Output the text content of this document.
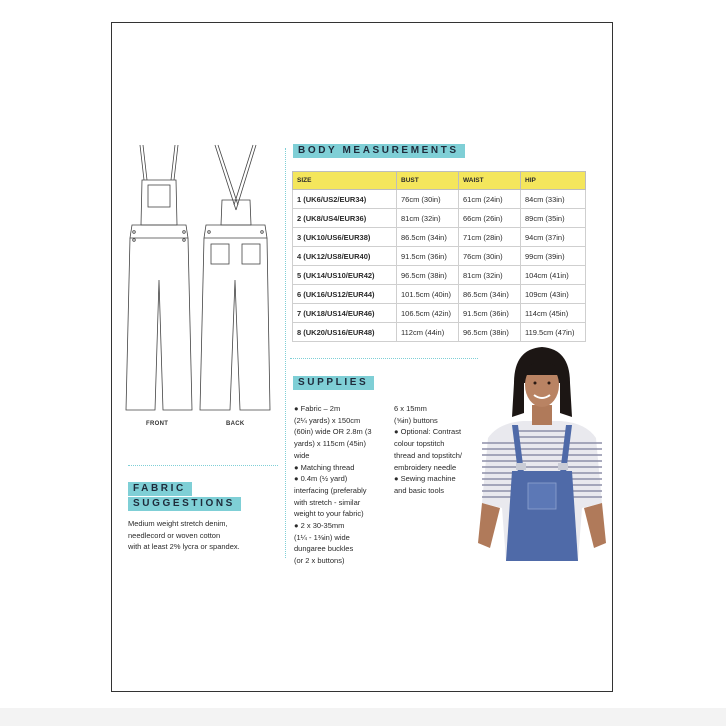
FRONT	BACK
BODY MEASUREMENTS
SIZE	BUST	WAIST	HIP
1 (UK6/US2/EUR34)	76cm (30in)	61cm (24in)	84cm (33in)
2 (UK8/US4/EUR36)	81cm (32in)	66cm (26in)	89cm (35in)
3 (UK10/US6/EUR38)	86.5cm (34in)	71cm (28in)	94cm (37in)
4 (UK12/US8/EUR40)	91.5cm (36in)	76cm (30in)	99cm (39in)
5 (UK14/US10/EUR42)	96.5cm (38in)	81cm (32in)	104cm (41in)
6 (UK16/US12/EUR44)	101.5cm (40in)	86.5cm (34in)	109cm (43in)
7 (UK18/US14/EUR46)	106.5cm (42in)	91.5cm (36in)	114cm (45in)
8 (UK20/US16/EUR48)	112cm (44in)	96.5cm (38in)	119.5cm (47in)
SUPPLIES
● Fabric – 2m
(2¼ yards) x 150cm
(60in) wide OR 2.8m (3
yards) x 115cm (45in)
wide
● Matching thread
● 0.4m (½ yard)
interfacing (preferably
with stretch - similar
weight to your fabric)
● 2 x 30-35mm
(1¼ - 1⅜in) wide
dungaree buckles
(or 2 x buttons)
6 x 15mm
(⅝in) buttons
● Optional: Contrast
colour topstitch
thread and topstitch/
embroidery needle
● Sewing machine
and basic tools
FABRIC
SUGGESTIONS
Medium weight stretch denim,
needlecord or woven cotton
with at least 2% lycra or spandex.
